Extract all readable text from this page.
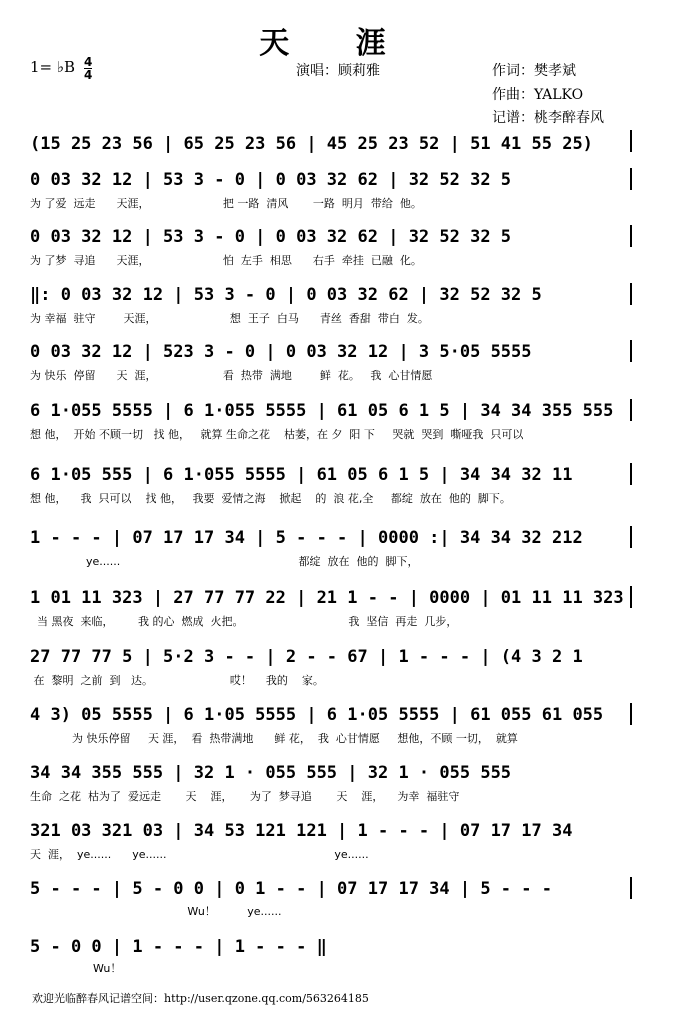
天 涯
1= ♭B 4
4	演唱：顾莉雅	作词：樊孝斌
作曲：YALKO
记谱：桃李醉春风
(15 25 23 56 | 65 25 23 56 | 45 25 23 52 | 51 41 55 25)
0 03 32 12 | 53 3 - 0 | 0 03 32 62 | 32 52 32 5
为 了爱  远走      天涯，                     把 一路  清风       一路  明月  带给  他。
0 03 32 12 | 53 3 - 0 | 0 03 32 62 | 32 52 32 5
为 了梦  寻追      天涯，                     怕  左手  相思      右手  牵挂  已融  化。
‖: 0 03 32 12 | 53 3 - 0 | 0 03 32 62 | 32 52 32 5
为 幸福  驻守        天涯，                     想  王子  白马      青丝  香甜  带白  发。
0 03 32 12 | 523 3 - 0 | 0 03 32 12 | 3 5·05 5555
为 快乐  停留      天  涯，                   看  热带  满地        鲜  花。   我  心甘情愿
6 1·055 5555 | 6 1·055 5555 | 61 05 6 1 5 | 34 34 355 555
想 他，  开始 不顾一切   找 他，   就算 生命之花    枯萎，在 夕  阳 下     哭就  哭到  嘶哑我  只可以
6 1·05 555 | 6 1·055 5555 | 61 05 6 1 5 | 34 34 32 11
想 他，    我  只可以    找 他，   我要  爱情之海    掀起    的  浪 花,全     都绽  放在  他的  脚下。
1 - - - | 07 17 17 34 | 5 - - - | 0000 :| 34 34 32 212
ye......                                                   都绽  放在  他的  脚下，
1 01 11 323 | 27 77 77 22 | 21 1 - - | 0000 | 01 11 11 323
当 黑夜  来临，       我 的心  燃成  火把。                              我  坚信  再走  几步，
27 77 77 5 | 5·2 3 - - | 2 - - 67 | 1 - - - | (4 3 2 1
在  黎明  之前  到   达。                      哎！    我的    家。
4 3) 05 5555 | 6 1·05 5555 | 6 1·05 5555 | 61 055 61 055
为 快乐停留     天 涯，  看  热带满地      鲜 花，  我  心甘情愿     想他，不顾 一切，  就算
34 34 355 555 | 32 1 · 055 555 | 32 1 · 055 555
生命  之花  枯为了  爱远走       天    涯，     为了  梦寻追       天    涯，    为幸  福驻守
321 03 321 03 | 34 53 121 121 | 1 - - - | 07 17 17 34
天  涯，  ye......      ye......                                                ye......
5 - - - | 5 - 0 0 | 0 1 - - | 07 17 17 34 | 5 - - -
Wu！         ye......
5 - 0 0 | 1 - - - | 1 - - - ‖
Wu！
欢迎光临醉春风记谱空间：http://user.qzone.qq.com/563264185
